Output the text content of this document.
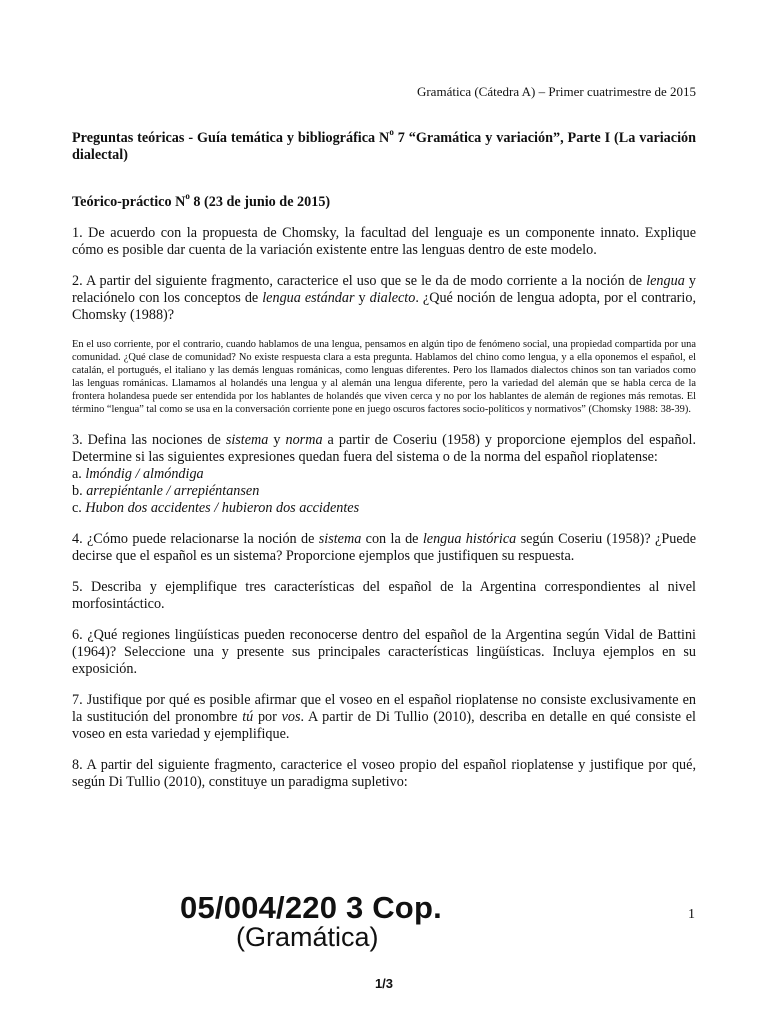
Gramática (Cátedra A) – Primer cuatrimestre de 2015

Preguntas teóricas - Guía temática y bibliográfica $N^o$ 7 “Gramática y variación”, Parte I (La variación dialectal)

Teórico-práctico $N^o$ 8 (23 de junio de 2015)

1. De acuerdo con la propuesta de Chomsky, la facultad del lenguaje es un componente innato. Explique cómo es posible dar cuenta de la variación existente entre las lenguas dentro de este modelo.

2. A partir del siguiente fragmento, caracterice el uso que se le da de modo corriente a la noción de lengua y relaciónelo con los conceptos de lengua estándar y dialecto. ¿Qué noción de lengua adopta, por el contrario, Chomsky (1988)?

En el uso corriente, por el contrario, cuando hablamos de una lengua, pensamos en algún tipo de fenómeno social, una propiedad compartida por una comunidad. ¿Qué clase de comunidad? No existe respuesta clara a esta pregunta. Hablamos del chino como lengua, y a ella oponemos el español, el catalán, el portugués, el italiano y las demás lenguas románicas, como lenguas diferentes. Pero los llamados dialectos chinos son tan variados como las lenguas románicas. Llamamos al holandés una lengua y al alemán una lengua diferente, pero la variedad del alemán que se habla cerca de la frontera holandesa puede ser entendida por los hablantes de holandés que viven cerca y no por los hablantes de alemán de regiones más remotas. El término “lengua” tal como se usa en la conversación corriente pone en juego oscuros factores socio-políticos y normativos” (Chomsky 1988: 38-39).

3. Defina las nociones de sistema y norma a partir de Coseriu (1958) y proporcione ejemplos del español. Determine si las siguientes expresiones quedan fuera del sistema o de la norma del español rioplatense:
a. lmóndig / almóndiga
b. arrepiéntanle / arrepiéntansen
c. Hubon dos accidentes / hubieron dos accidentes

4. ¿Cómo puede relacionarse la noción de sistema con la de lengua histórica según Coseriu (1958)? ¿Puede decirse que el español es un sistema? Proporcione ejemplos que justifiquen su respuesta.

5. Describa y ejemplifique tres características del español de la Argentina correspondientes al nivel morfosintáctico.

6. ¿Qué regiones lingüísticas pueden reconocerse dentro del español de la Argentina según Vidal de Battini (1964)? Seleccione una y presente sus principales características lingüísticas. Incluya ejemplos en su exposición.

7. Justifique por qué es posible afirmar que el voseo en el español rioplatense no consiste exclusivamente en la sustitución del pronombre tú por vos. A partir de Di Tullio (2010), describa en detalle en qué consiste el voseo en esta variedad y ejemplifique.

8. A partir del siguiente fragmento, caracterice el voseo propio del español rioplatense y justifique por qué, según Di Tullio (2010), constituye un paradigma supletivo:

05/004/220 3 Cop.
(Gramática)
1
1/3
